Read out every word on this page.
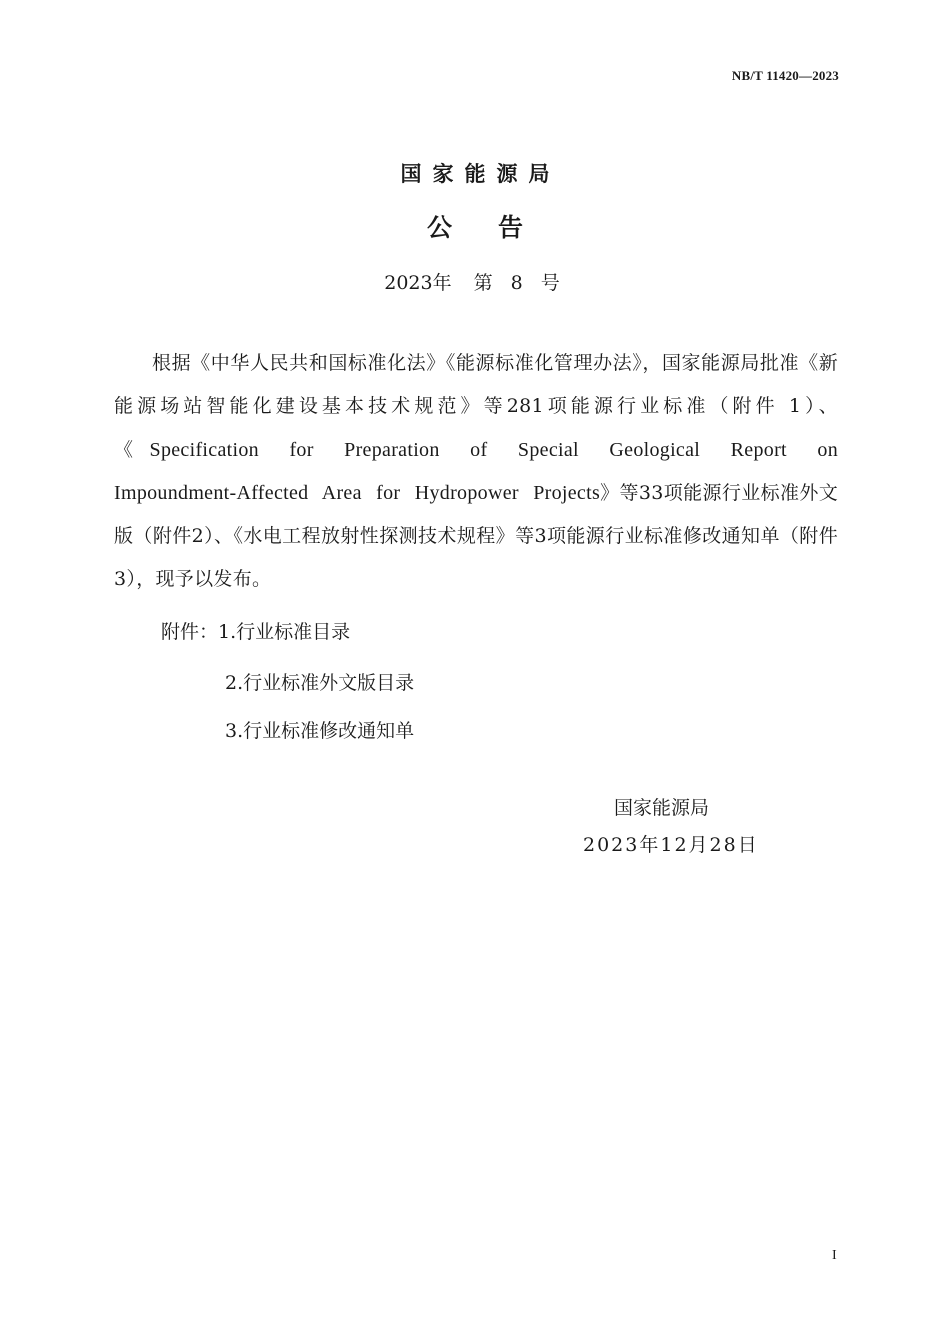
NB/T 11420—2023
国家能源局
公告
2023年 第 8 号
根据《中华人民共和国标准化法》《能源标准化管理办法》，国家能源局批准《新能源场站智能化建设基本技术规范》等281项能源行业标准（附件 1）、《Specification for Preparation of Special Geological Report on Impoundment-Affected Area for Hydropower Projects》等33项能源行业标准外文版（附件2）、《水电工程放射性探测技术规程》等3项能源行业标准修改通知单（附件3），现予以发布。
附件：1.行业标准目录
2.行业标准外文版目录
3.行业标准修改通知单
国家能源局
2023年12月28日
I
